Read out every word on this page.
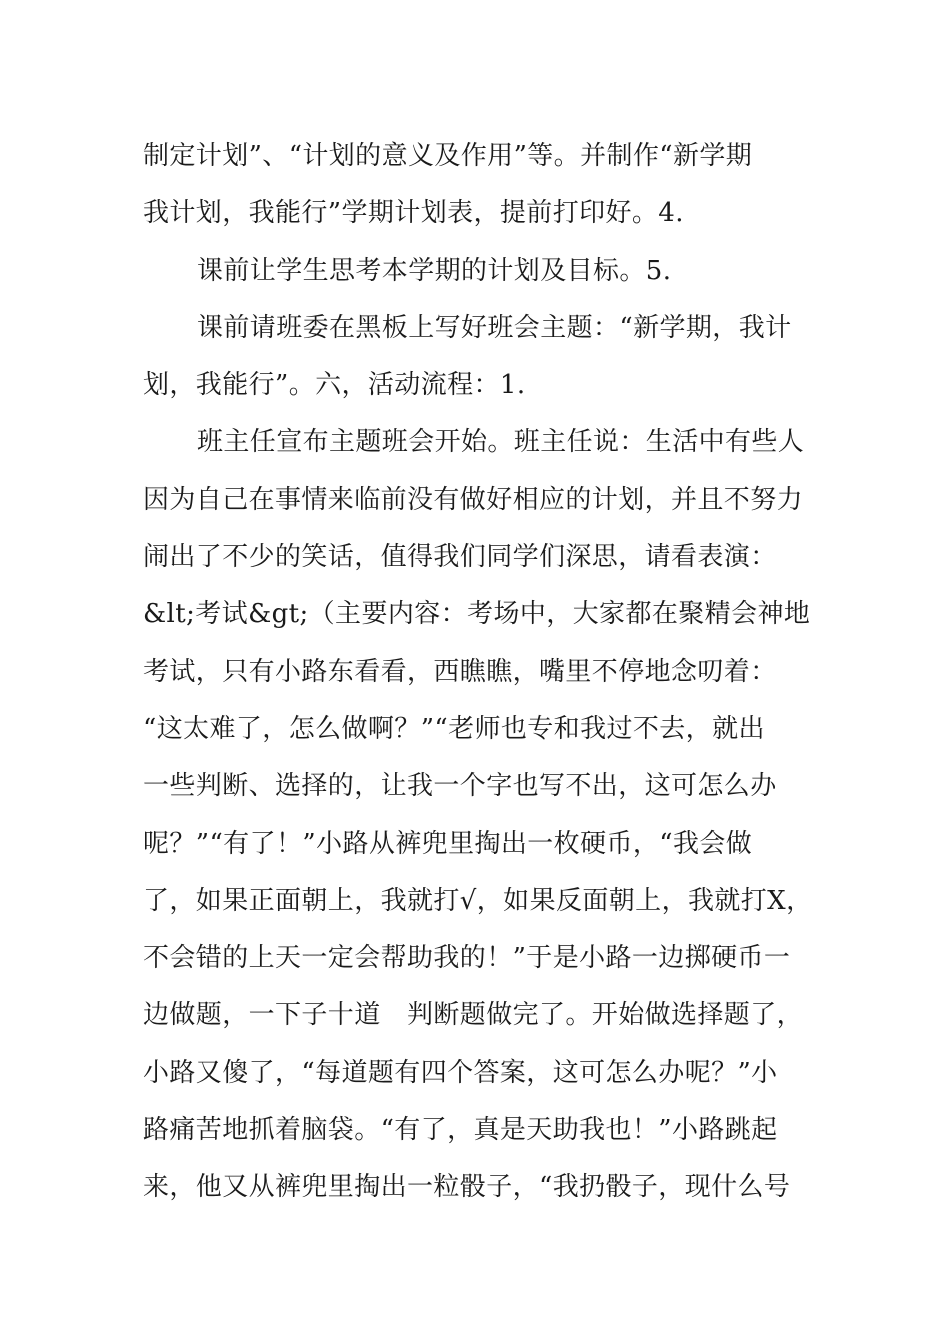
制定计划”、“计划的意义及作用”等。并制作“新学期
我计划，我能行”学期计划表，提前打印好。4.
课前让学生思考本学期的计划及目标。5.
课前请班委在黑板上写好班会主题：“新学期，我计
划，我能行”。六，活动流程：1.
班主任宣布主题班会开始。班主任说：生活中有些人
因为自己在事情来临前没有做好相应的计划，并且不努力
闹出了不少的笑话，值得我们同学们深思，请看表演：
&lt;考试&gt;（主要内容：考场中，大家都在聚精会神地
考试，只有小路东看看，西瞧瞧，嘴里不停地念叨着：
“这太难了，怎么做啊？”“老师也专和我过不去，就出
一些判断、选择的，让我一个字也写不出，这可怎么办
呢？”“有了！”小路从裤兜里掏出一枚硬币，“我会做
了，如果正面朝上，我就打√，如果反面朝上，我就打X，
不会错的上天一定会帮助我的！”于是小路一边掷硬币一
边做题，一下子十道　判断题做完了。开始做选择题了，
小路又傻了，“每道题有四个答案，这可怎么办呢？”小
路痛苦地抓着脑袋。“有了，真是天助我也！”小路跳起
来，他又从裤兜里掏出一粒骰子，“我扔骰子，现什么号
